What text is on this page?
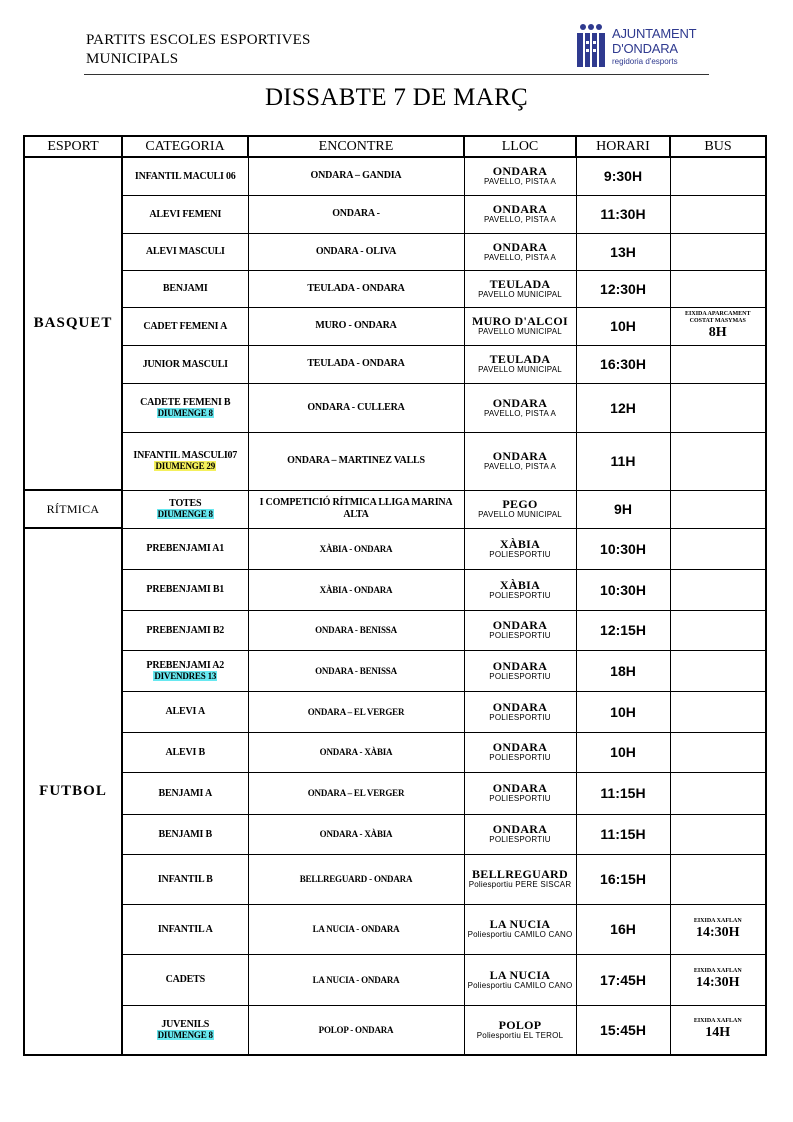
PARTITS ESCOLES ESPORTIVES
MUNICIPALS
AJUNTAMENT
D'ONDARA
regidoria d'esports
DISSABTE 7 DE MARÇ
ESPORT	CATEGORIA	ENCONTRE	LLOC	HORARI	BUS
BASQUET	INFANTIL MACULI 06	ONDARA – GANDIA	ONDARA
PAVELLO, PISTA A	9:30H	

	ALEVI FEMENI	ONDARA -	ONDARA
PAVELLO, PISTA A	11:30H	

	ALEVI MASCULI	ONDARA - OLIVA	ONDARA
PAVELLO, PISTA A	13H	

	BENJAMI	TEULADA - ONDARA	TEULADA
PAVELLO MUNICIPAL	12:30H	

	CADET FEMENI A	MURO - ONDARA	MURO D'ALCOI
PAVELLO MUNICIPAL	10H	EIXIDA APARCAMENT COSTAT MASYMAS
8H

	JUNIOR MASCULI	TEULADA - ONDARA	TEULADA
PAVELLO MUNICIPAL	16:30H	

	CADETE FEMENI B
DIUMENGE 8	ONDARA - CULLERA	ONDARA
PAVELLO, PISTA A	12H	

	INFANTIL MASCULI07
DIUMENGE 29	ONDARA – MARTINEZ VALLS	ONDARA
PAVELLO, PISTA A	11H	
RÍTMICA	TOTES
DIUMENGE 8	I COMPETICIÓ RÍTMICA LLIGA MARINA ALTA	PEGO
PAVELLO MUNICIPAL	9H	
FUTBOL	PREBENJAMI A1	XÀBIA - ONDARA	XÀBIA
POLIESPORTIU	10:30H	

	PREBENJAMI B1	XÀBIA - ONDARA	XÀBIA
POLIESPORTIU	10:30H	

	PREBENJAMI B2	ONDARA - BENISSA	ONDARA
POLIESPORTIU	12:15H	

	PREBENJAMI A2
DIVENDRES 13	ONDARA - BENISSA	ONDARA
POLIESPORTIU	18H	

	ALEVI A	ONDARA – EL VERGER	ONDARA
POLIESPORTIU	10H	

	ALEVI B	ONDARA - XÀBIA	ONDARA
POLIESPORTIU	10H	

	BENJAMI A	ONDARA – EL VERGER	ONDARA
POLIESPORTIU	11:15H	

	BENJAMI B	ONDARA - XÀBIA	ONDARA
POLIESPORTIU	11:15H	

	INFANTIL B	BELLREGUARD - ONDARA	BELLREGUARD
Poliesportiu PERE SISCAR	16:15H	

	INFANTIL A	LA NUCIA - ONDARA	LA NUCIA
Poliesportiu CAMILO CANO	16H	EIXIDA XAFLAN
14:30H

	CADETS	LA NUCIA - ONDARA	LA NUCIA
Poliesportiu CAMILO CANO	17:45H	EIXIDA XAFLAN
14:30H

	JUVENILS
DIUMENGE 8	POLOP - ONDARA	POLOP
Poliesportiu EL TEROL	15:45H	EIXIDA XAFLAN
14H
